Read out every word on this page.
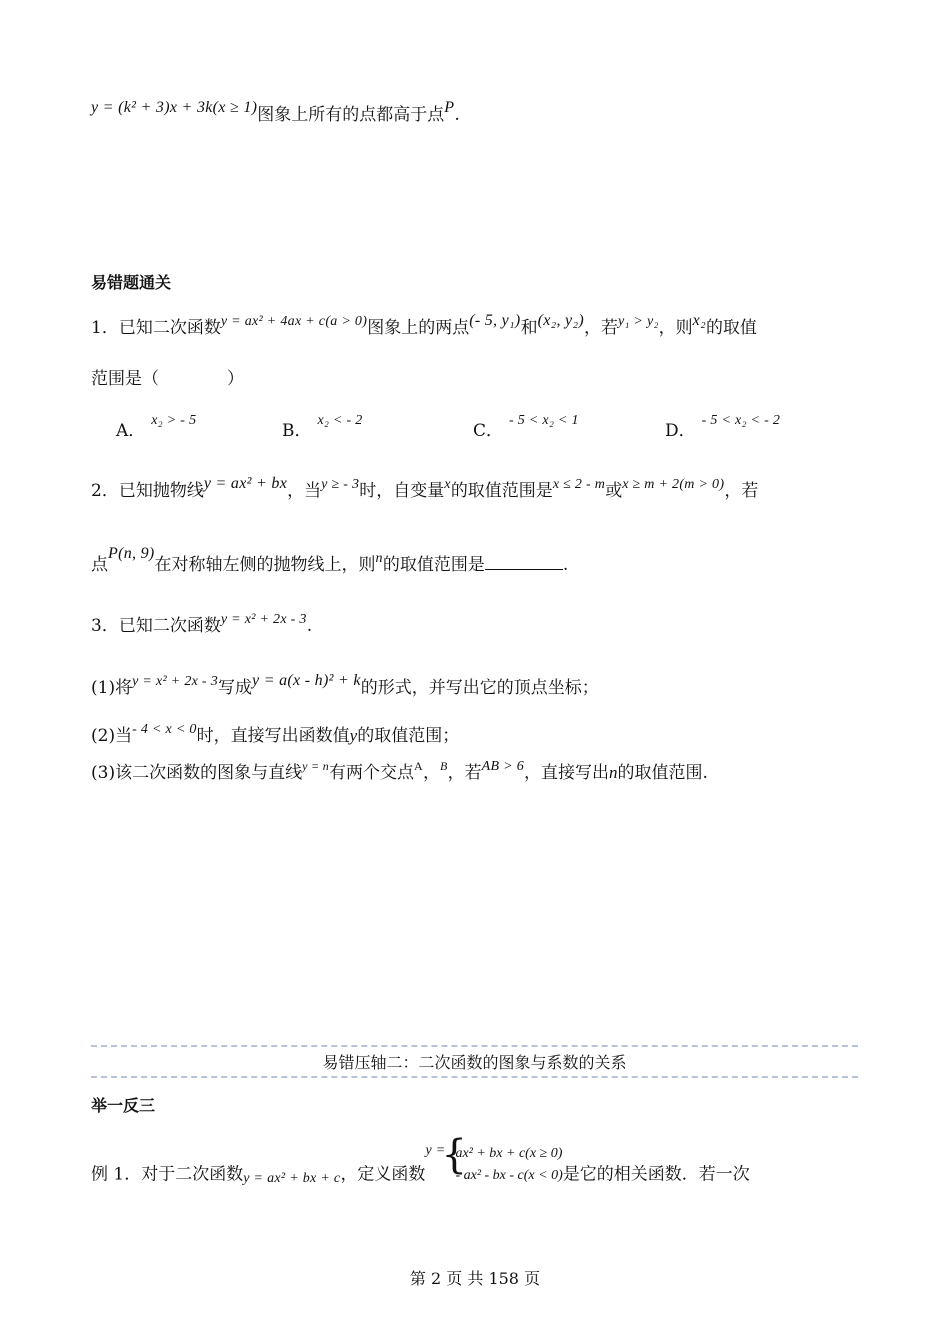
y = (k² + 3)x + 3k(x ≥ 1)图象上所有的点都高于点P.
易错题通关
1．已知二次函数$^{y = ax^2 + 4ax + c(a > 0)}$图象上的两点(- 5, y₁)和(x₂, y₂)，若$^{y_1 > y_2}$，则x₂的取值
范围是（　　　　）
A．$^{x_2 > - 5}$
B．$^{x_2 < - 2}$
C．$^{- 5 < x_2 < 1}$
D．$^{- 5 < x_2 < - 2}$
2．已知抛物线y = ax² + bx，当$^{y \ge - 3}$时，自变量$^x$的取值范围是$^{x \le 2 - m}$或$^{x \ge m + 2(m > 0)}$，若
点P(n, 9)在对称轴左侧的抛物线上，则$^n$的取值范围是	.
3．已知二次函数$^{y = x^2 + 2x - 3}$.
(1)将$^{y = x^2 + 2x - 3}$写成y = a(x - h)² + k的形式，并写出它的顶点坐标；
(2)当$^{- 4 < x < 0}$时，直接写出函数值y的取值范围；
(3)该二次函数的图象与直线$^{y = n}$有两个交点$^A$，$^B$，若$^{AB > 6}$，直接写出n的取值范围.
易错压轴二：二次函数的图象与系数的关系
举一反三
例 1．对于二次函数y = ax² + bx + c，定义函数
y =
{
ax² + bx + c(x ≥ 0)
- ax² - bx - c(x < 0) 是它的相关函数．若一次
第 2 页 共 158 页
